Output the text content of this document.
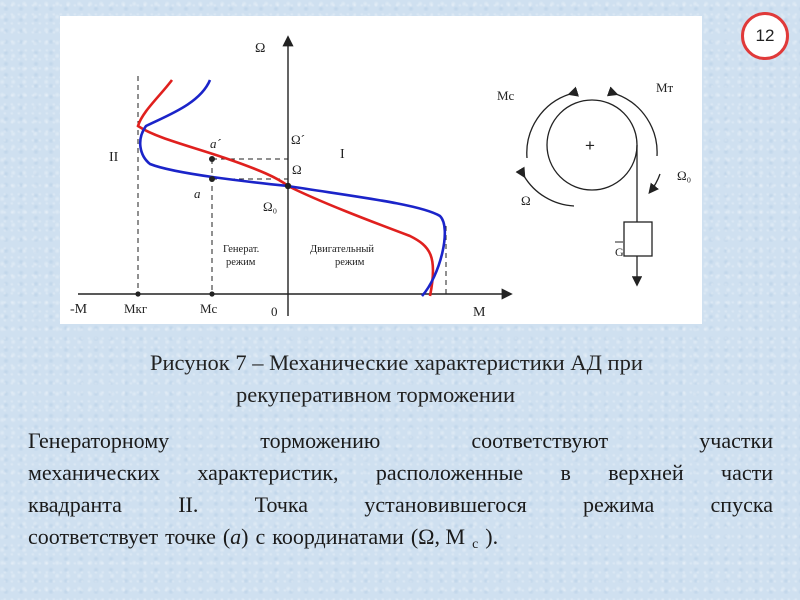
12
Ω
Ω´
Ω
Ω₀
-M	M
Mкг	Mc	0
I
II
a´
a
Генерат.
режим
Двигательный
режим
+
Mc
Mт
Ω
Ω₀
G
Рисунок 7 – Механические характеристики АД при
рекуперативном торможении
Генераторному	торможению	соответствуют	участки
механических характеристик, расположенные в верхней части
квадранта	II.	Точка	установившегося	режима	спуска
соответствует точке ( a ) с координатами (Ω, M $_c$ ).
